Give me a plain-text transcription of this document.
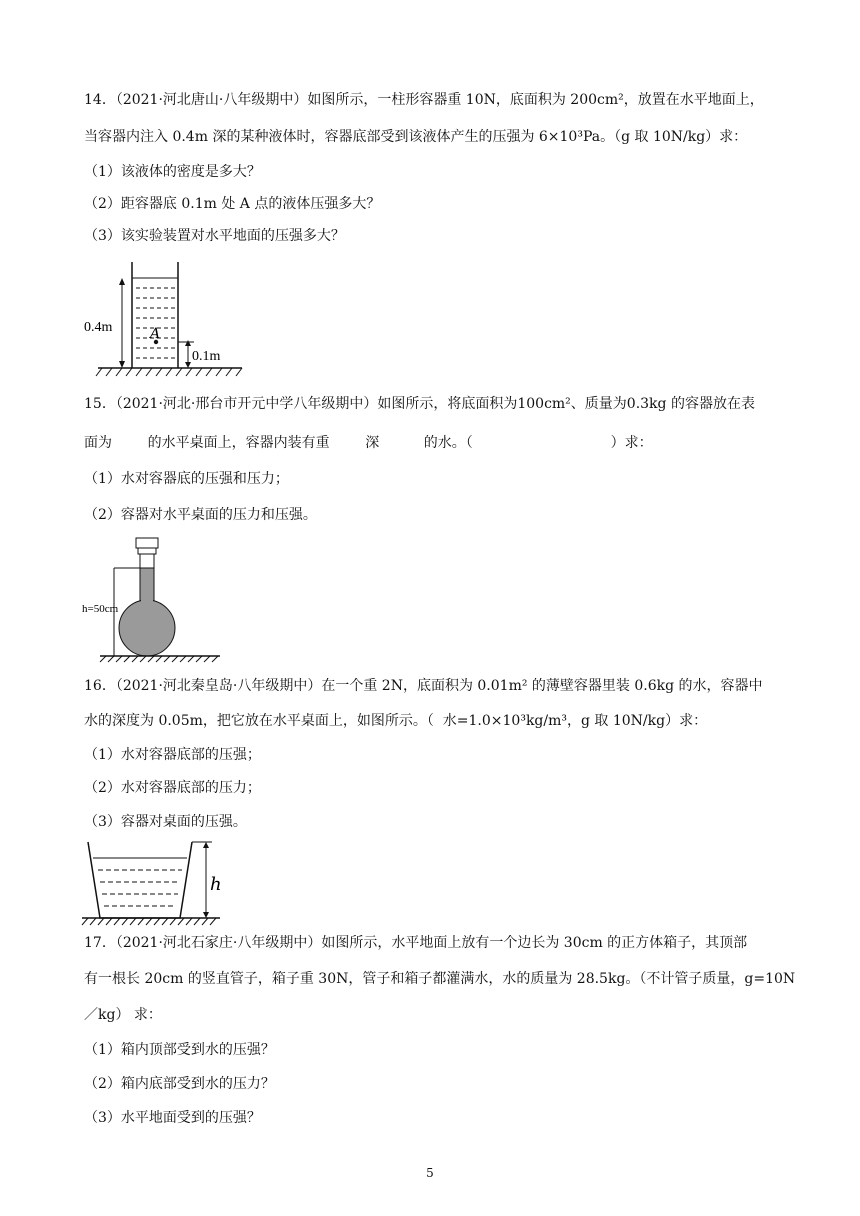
14．（2021·河北唐山·八年级期中）如图所示，一柱形容器重 10N，底面积为 200cm²，放置在水平地面上，
当容器内注入 0.4m 深的某种液体时，容器底部受到该液体产生的压强为 6×10³Pa。（g 取 10N/kg）求：
（1）该液体的密度是多大？
（2）距容器底 0.1m 处 A 点的液体压强多大？
（3）该实验装置对水平地面的压强多大？
A
0.4m
0.1m
15．（2021·河北·邢台市开元中学八年级期中）如图所示，将底面积为100cm²、质量为0.3kg 的容器放在表
面为        的水平桌面上，容器内装有重        深          的水。（                               ）求：
（1）水对容器底的压强和压力；
（2）容器对水平桌面的压力和压强。
h=50cm
16．（2021·河北秦皇岛·八年级期中）在一个重 2N，底面积为 0.01m² 的薄壁容器里装 0.6kg 的水，容器中
水的深度为 0.05m，把它放在水平桌面上，如图所示。（  水=1.0×10³kg/m³，g 取 10N/kg）求：
（1）水对容器底部的压强；
（2）水对容器底部的压力；
（3）容器对桌面的压强。
h
17．（2021·河北石家庄·八年级期中）如图所示，水平地面上放有一个边长为 30cm 的正方体箱子，其顶部
有一根长 20cm 的竖直管子，箱子重 30N，管子和箱子都灌满水，水的质量为 28.5kg。（不计管子质量，g=10N
／kg） 求：
（1）箱内顶部受到水的压强？
（2）箱内底部受到水的压力？
（3）水平地面受到的压强？
5
